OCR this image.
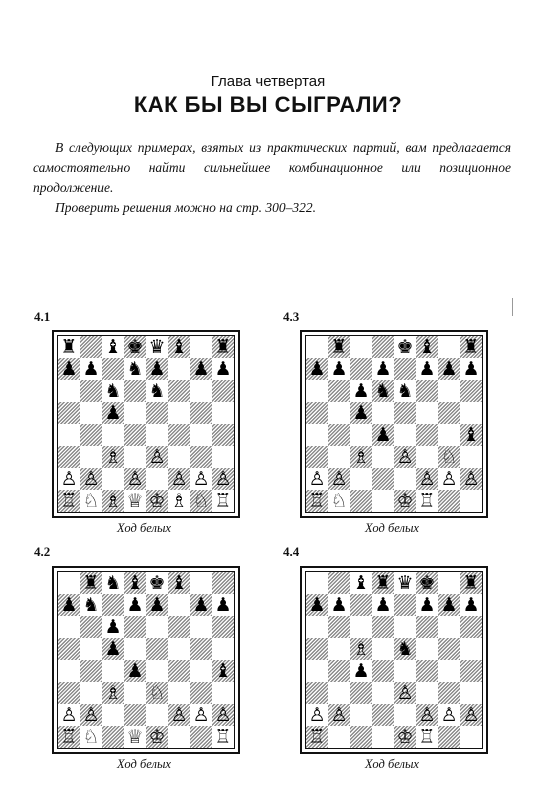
Глава четвертая
КАК БЫ ВЫ СЫГРАЛИ?

В следующих примерах, взятых из практических партий, вам предлагается самостоятельно найти сильнейшее комбинационное или позиционное продолжение.

Проверить решения можно на стр. 300–322.

4.1
♜ ♝ ♚ ♛ ♝ ♜
♟ ♟ ♞ ♟ ♟ ♟
♞ ♞
♟
♗ ♙
♙ ♙ ♙ ♙ ♙ ♙
♖ ♘ ♗ ♕ ♔ ♗ ♘ ♖
Ход белых
4.3
♜	♚ ♝ ♜
♟ ♟ ♟ ♟ ♟ ♟
♟ ♞ ♞
♟
♟	♝
♗ ♙ ♘
♙ ♙	♙ ♙ ♙
♖ ♘	♔ ♖
Ход белых
4.2
♜ ♞ ♝ ♚ ♝
♟ ♞ ♟ ♟ ♟ ♟
♟
♟
♟	♝
♗ ♘
♙ ♙	♙ ♙ ♙
♖ ♘ ♕ ♔	♖
Ход белых
4.4
♝ ♜ ♛ ♚ ♜
♟ ♟ ♟ ♟ ♟ ♟
♗ ♞
♟
♙
♙ ♙	♙ ♙ ♙
♖	♔ ♖
Ход белых
